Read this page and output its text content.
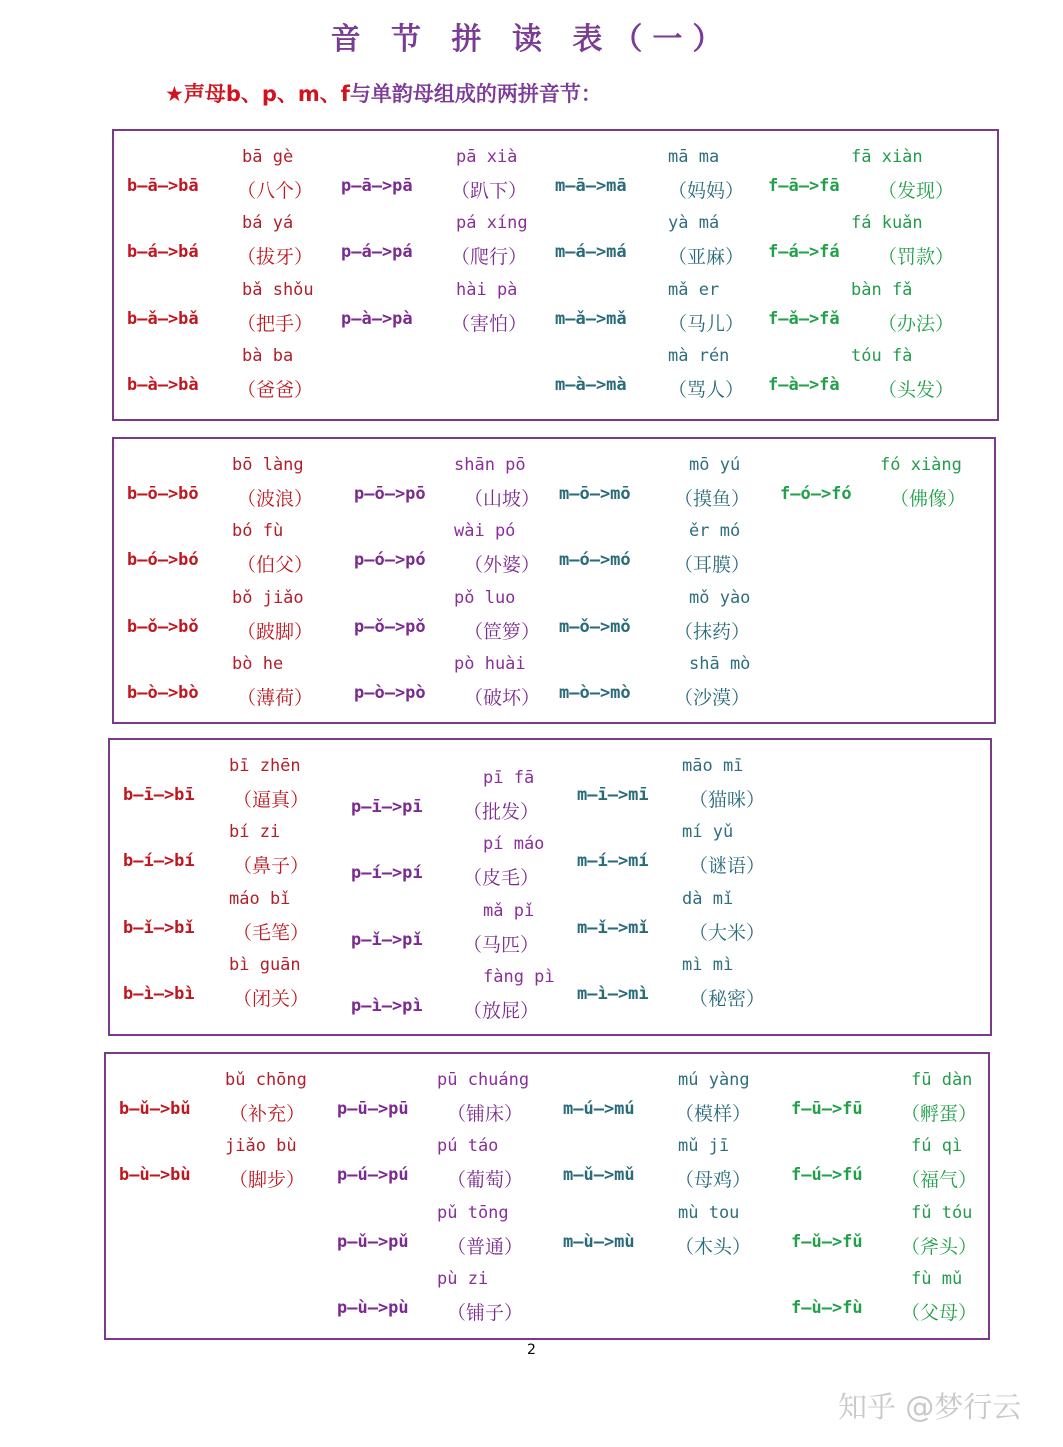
音 节 拼 读 表（一）
★声母b、p、m、f与单韵母组成的两拼音节：
bā gè
b—ā—>bā （八个）
bá yá
b—á—>bá （拔牙）
bǎ shǒu
b—ǎ—>bǎ （把手）
bà ba
b—à—>bà （爸爸）
pā xià
p—ā—>pā （趴下）
pá xíng
p—á—>pá （爬行）
hài pà
p—à—>pà （害怕）
mā ma
m—ā—>mā （妈妈）
yà má
m—á—>má （亚麻）
mǎ er
m—ǎ—>mǎ （马儿）
mà rén
m—à—>mà （骂人）
fā xiàn
f—ā—>fā （发现）
fá kuǎn
f—á—>fá （罚款）
bàn fǎ
f—ǎ—>fǎ （办法）
tóu fà
f—à—>fà （头发）
bō làng
b—ō—>bō （波浪）
bó fù
b—ó—>bó （伯父）
bǒ jiǎo
b—ǒ—>bǒ （跛脚）
bò he
b—ò—>bò （薄荷）
shān pō
p—ō—>pō （山坡）
wài pó
p—ó—>pó （外婆）
pǒ luo
p—ǒ—>pǒ （笸箩）
pò huài
p—ò—>pò （破坏）
mō yú
m—ō—>mō （摸鱼）
ěr mó
m—ó—>mó （耳膜）
mǒ yào
m—ǒ—>mǒ （抹药）
shā mò
m—ò—>mò （沙漠）
fó xiàng
f—ó—>fó （佛像）
bī zhēn
b—ī—>bī （逼真）
bí zi
b—í—>bí （鼻子）
máo bǐ
b—ǐ—>bǐ （毛笔）
bì guān
b—ì—>bì （闭关）
pī fā
p—ī—>pī （批发）
pí máo
p—í—>pí （皮毛）
mǎ pǐ
p—ǐ—>pǐ （马匹）
fàng pì
p—ì—>pì （放屁）
māo mī
m—ī—>mī （猫咪）
mí yǔ
m—í—>mí （谜语）
dà mǐ
m—ǐ—>mǐ （大米）
mì mì
m—ì—>mì （秘密）
bǔ chōng
b—ǔ—>bǔ （补充）
jiǎo bù
b—ù—>bù （脚步）
pū chuáng
p—ū—>pū （铺床）
pú táo
p—ú—>pú （葡萄）
pǔ tōng
p—ǔ—>pǔ （普通）
pù zi
p—ù—>pù （铺子）
mú yàng
m—ú—>mú （模样）
mǔ jī
m—ǔ—>mǔ （母鸡）
mù tou
m—ù—>mù （木头）
fū dàn
f—ū—>fū （孵蛋）
fú qì
f—ú—>fú （福气）
fǔ tóu
f—ǔ—>fǔ （斧头）
fù mǔ
f—ù—>fù （父母）
2
知乎 @梦行云
